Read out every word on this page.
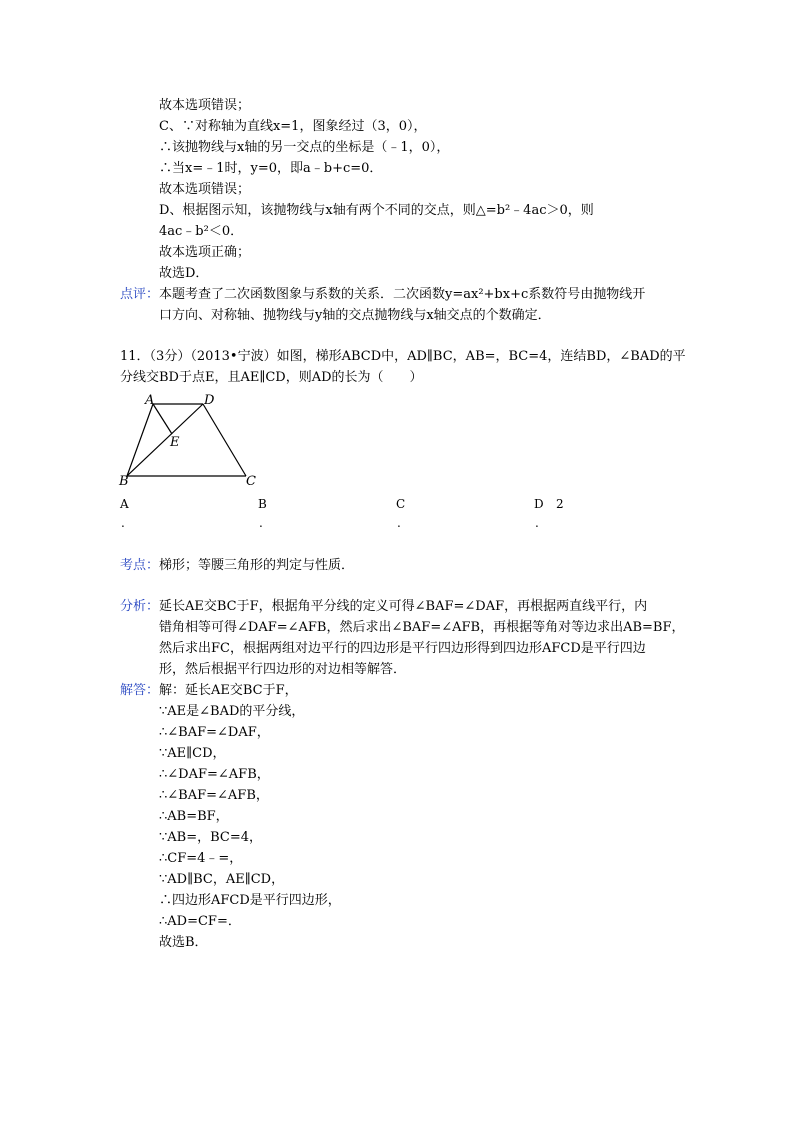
故本选项错误；
C、∵对称轴为直线x=1，图象经过（3，0），
∴该抛物线与x轴的另一交点的坐标是（﹣1，0），
∴当x=﹣1时，y=0，即a﹣b+c=0．
故本选项错误；
D、根据图示知，该抛物线与x轴有两个不同的交点，则△=b²﹣4ac＞0，则
4ac﹣b²＜0．
故本选项正确；
故选D．
点评： 本题考查了二次函数图象与系数的关系．二次函数y=ax²+bx+c系数符号由抛物线开
口方向、对称轴、抛物线与y轴的交点抛物线与x轴交点的个数确定．
11．（3分）（2013•宁波）如图，梯形ABCD中，AD∥BC，AB=，BC=4，连结BD，∠BAD的平
分线交BD于点E，且AE∥CD，则AD的长为（　　）
A	D
E
B	C
A
.
B
.
C
.
D 2
.
考点： 梯形；等腰三角形的判定与性质．
分析： 延长AE交BC于F，根据角平分线的定义可得∠BAF=∠DAF，再根据两直线平行，内
错角相等可得∠DAF=∠AFB，然后求出∠BAF=∠AFB，再根据等角对等边求出AB=BF，
然后求出FC，根据两组对边平行的四边形是平行四边形得到四边形AFCD是平行四边
形，然后根据平行四边形的对边相等解答．
解答： 解：延长AE交BC于F，
∵AE是∠BAD的平分线，
∴∠BAF=∠DAF，
∵AE∥CD，
∴∠DAF=∠AFB，
∴∠BAF=∠AFB，
∴AB=BF，
∵AB=，BC=4，
∴CF=4﹣=，
∵AD∥BC，AE∥CD，
∴四边形AFCD是平行四边形，
∴AD=CF=．
故选B．
